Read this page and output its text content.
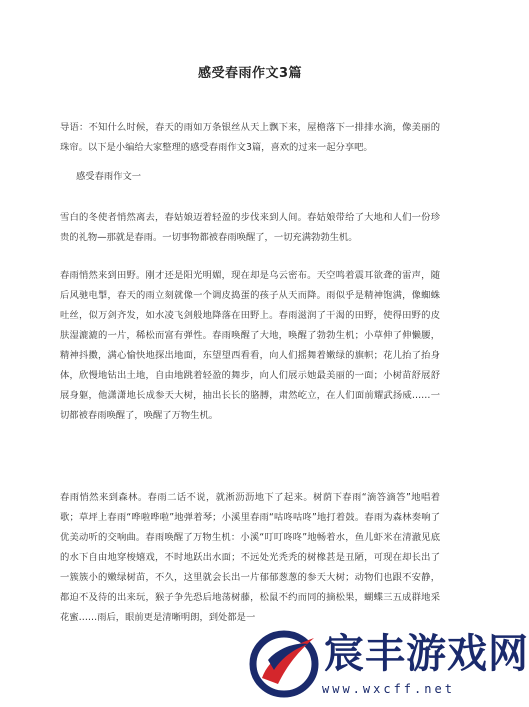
感受春雨作文3篇
导语：不知什么时候，春天的雨如万条银丝从天上飘下来，屋檐落下一排排水滴，像美丽的珠帘。以下是小编给大家整理的感受春雨作文3篇，喜欢的过来一起分享吧。
感受春雨作文一
雪白的冬使者悄然离去，春姑娘迈着轻盈的步伐来到人间。春姑娘带给了大地和人们一份珍贵的礼物—那就是春雨。一切事物都被春雨唤醒了，一切充满勃勃生机。
春雨悄然来到田野。刚才还是阳光明媚，现在却是乌云密布。天空鸣着震耳欲聋的雷声，随后风驰电掣，春天的雨立刻就像一个调皮捣蛋的孩子从天而降。雨似乎是精神饱满，像蜘蛛吐丝，似万剑齐发，如水凌飞剑般地降落在田野上。春雨滋润了干渴的田野，使得田野的皮肤湿漉漉的一片，稀松而富有弹性。春雨唤醒了大地，唤醒了勃勃生机；小草伸了伸懒腰，精神抖擞，满心愉快地探出地面，东望望西看看，向人们摇舞着嫩绿的旗帜；花儿抬了抬身体，欣慢地钻出土地，自由地跳着轻盈的舞步，向人们展示她最美丽的一面；小树苗舒展舒展身躯，他潇潇地长成参天大树，抽出长长的胳膊，肃然屹立，在人们面前耀武扬威……一切都被春雨唤醒了，唤醒了万物生机。
春雨悄然来到森林。春雨二话不说，就淅沥沥地下了起来。树荫下春雨“滴答滴答”地唱着歌；草坪上春雨“哗啦哗啦”地弹着琴；小溪里春雨“咕咚咕咚”地打着鼓。春雨为森林奏响了优美动听的交响曲。春雨唤醒了万物生机：小溪“叮叮咚咚”地畅着水，鱼儿虾米在清澈见底的水下自由地穿梭嬉戏，不时地跃出水面；不远处光秃秃的树橡甚是丑陋，可现在却长出了一簇簇小的嫩绿树苗，不久，这里就会长出一片郁郁葱葱的参天大树；动物们也跟不安静，都迫不及待的出来玩，猴子争先恐后地荡树藤，松鼠不约而同的摘松果，蝴蝶三五成群地采花蜜……雨后，眼前更是清晰明朗，到处都是一
宸丰游戏网
www.wxcff.net
